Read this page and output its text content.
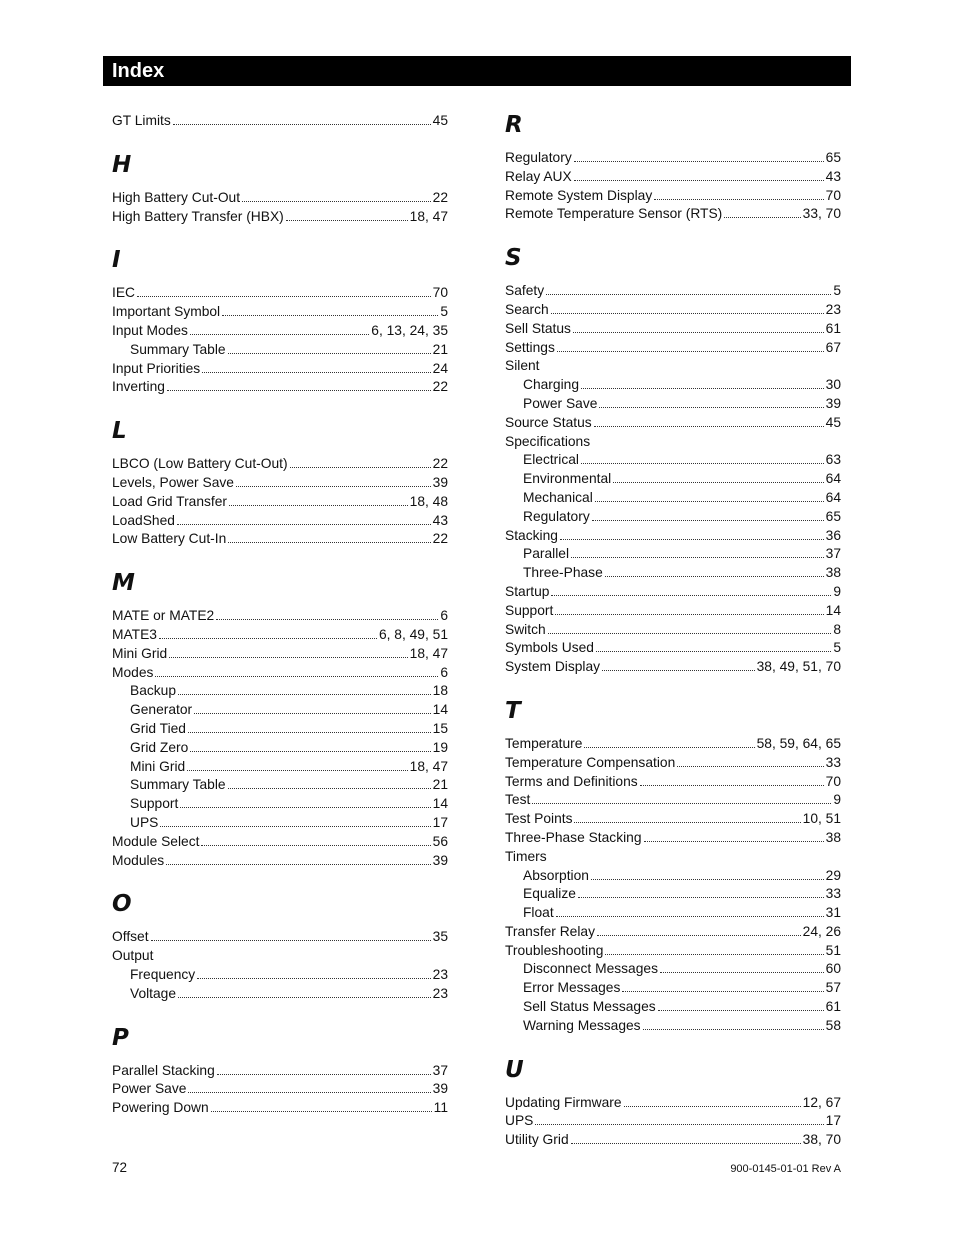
Index
GT Limits	45
H
High Battery Cut-Out	22
High Battery Transfer (HBX)	18, 47
I
IEC	70
Important Symbol	5
Input Modes	6, 13, 24, 35
Summary Table	21
Input Priorities	24
Inverting	22
L
LBCO (Low Battery Cut-Out)	22
Levels, Power Save	39
Load Grid Transfer	18, 48
LoadShed	43
Low Battery Cut-In	22
M
MATE or MATE2	6
MATE3	6, 8, 49, 51
Mini Grid	18, 47
Modes	6
Backup	18
Generator	14
Grid Tied	15
Grid Zero	19
Mini Grid	18, 47
Summary Table	21
Support	14
UPS	17
Module Select	56
Modules	39
O
Offset	35
Output
Frequency	23
Voltage	23
P
Parallel Stacking	37
Power Save	39
Powering Down	11
R
Regulatory	65
Relay AUX	43
Remote System Display	70
Remote Temperature Sensor (RTS)	33, 70
S
Safety	5
Search	23
Sell Status	61
Settings	67
Silent
Charging	30
Power Save	39
Source Status	45
Specifications
Electrical	63
Environmental	64
Mechanical	64
Regulatory	65
Stacking	36
Parallel	37
Three-Phase	38
Startup	9
Support	14
Switch	8
Symbols Used	5
System Display	38, 49, 51, 70
T
Temperature	58, 59, 64, 65
Temperature Compensation	33
Terms and Definitions	70
Test	9
Test Points	10, 51
Three-Phase Stacking	38
Timers
Absorption	29
Equalize	33
Float	31
Transfer Relay	24, 26
Troubleshooting	51
Disconnect Messages	60
Error Messages	57
Sell Status Messages	61
Warning Messages	58
U
Updating Firmware	12, 67
UPS	17
Utility Grid	38, 70
72	900-0145-01-01 Rev A
